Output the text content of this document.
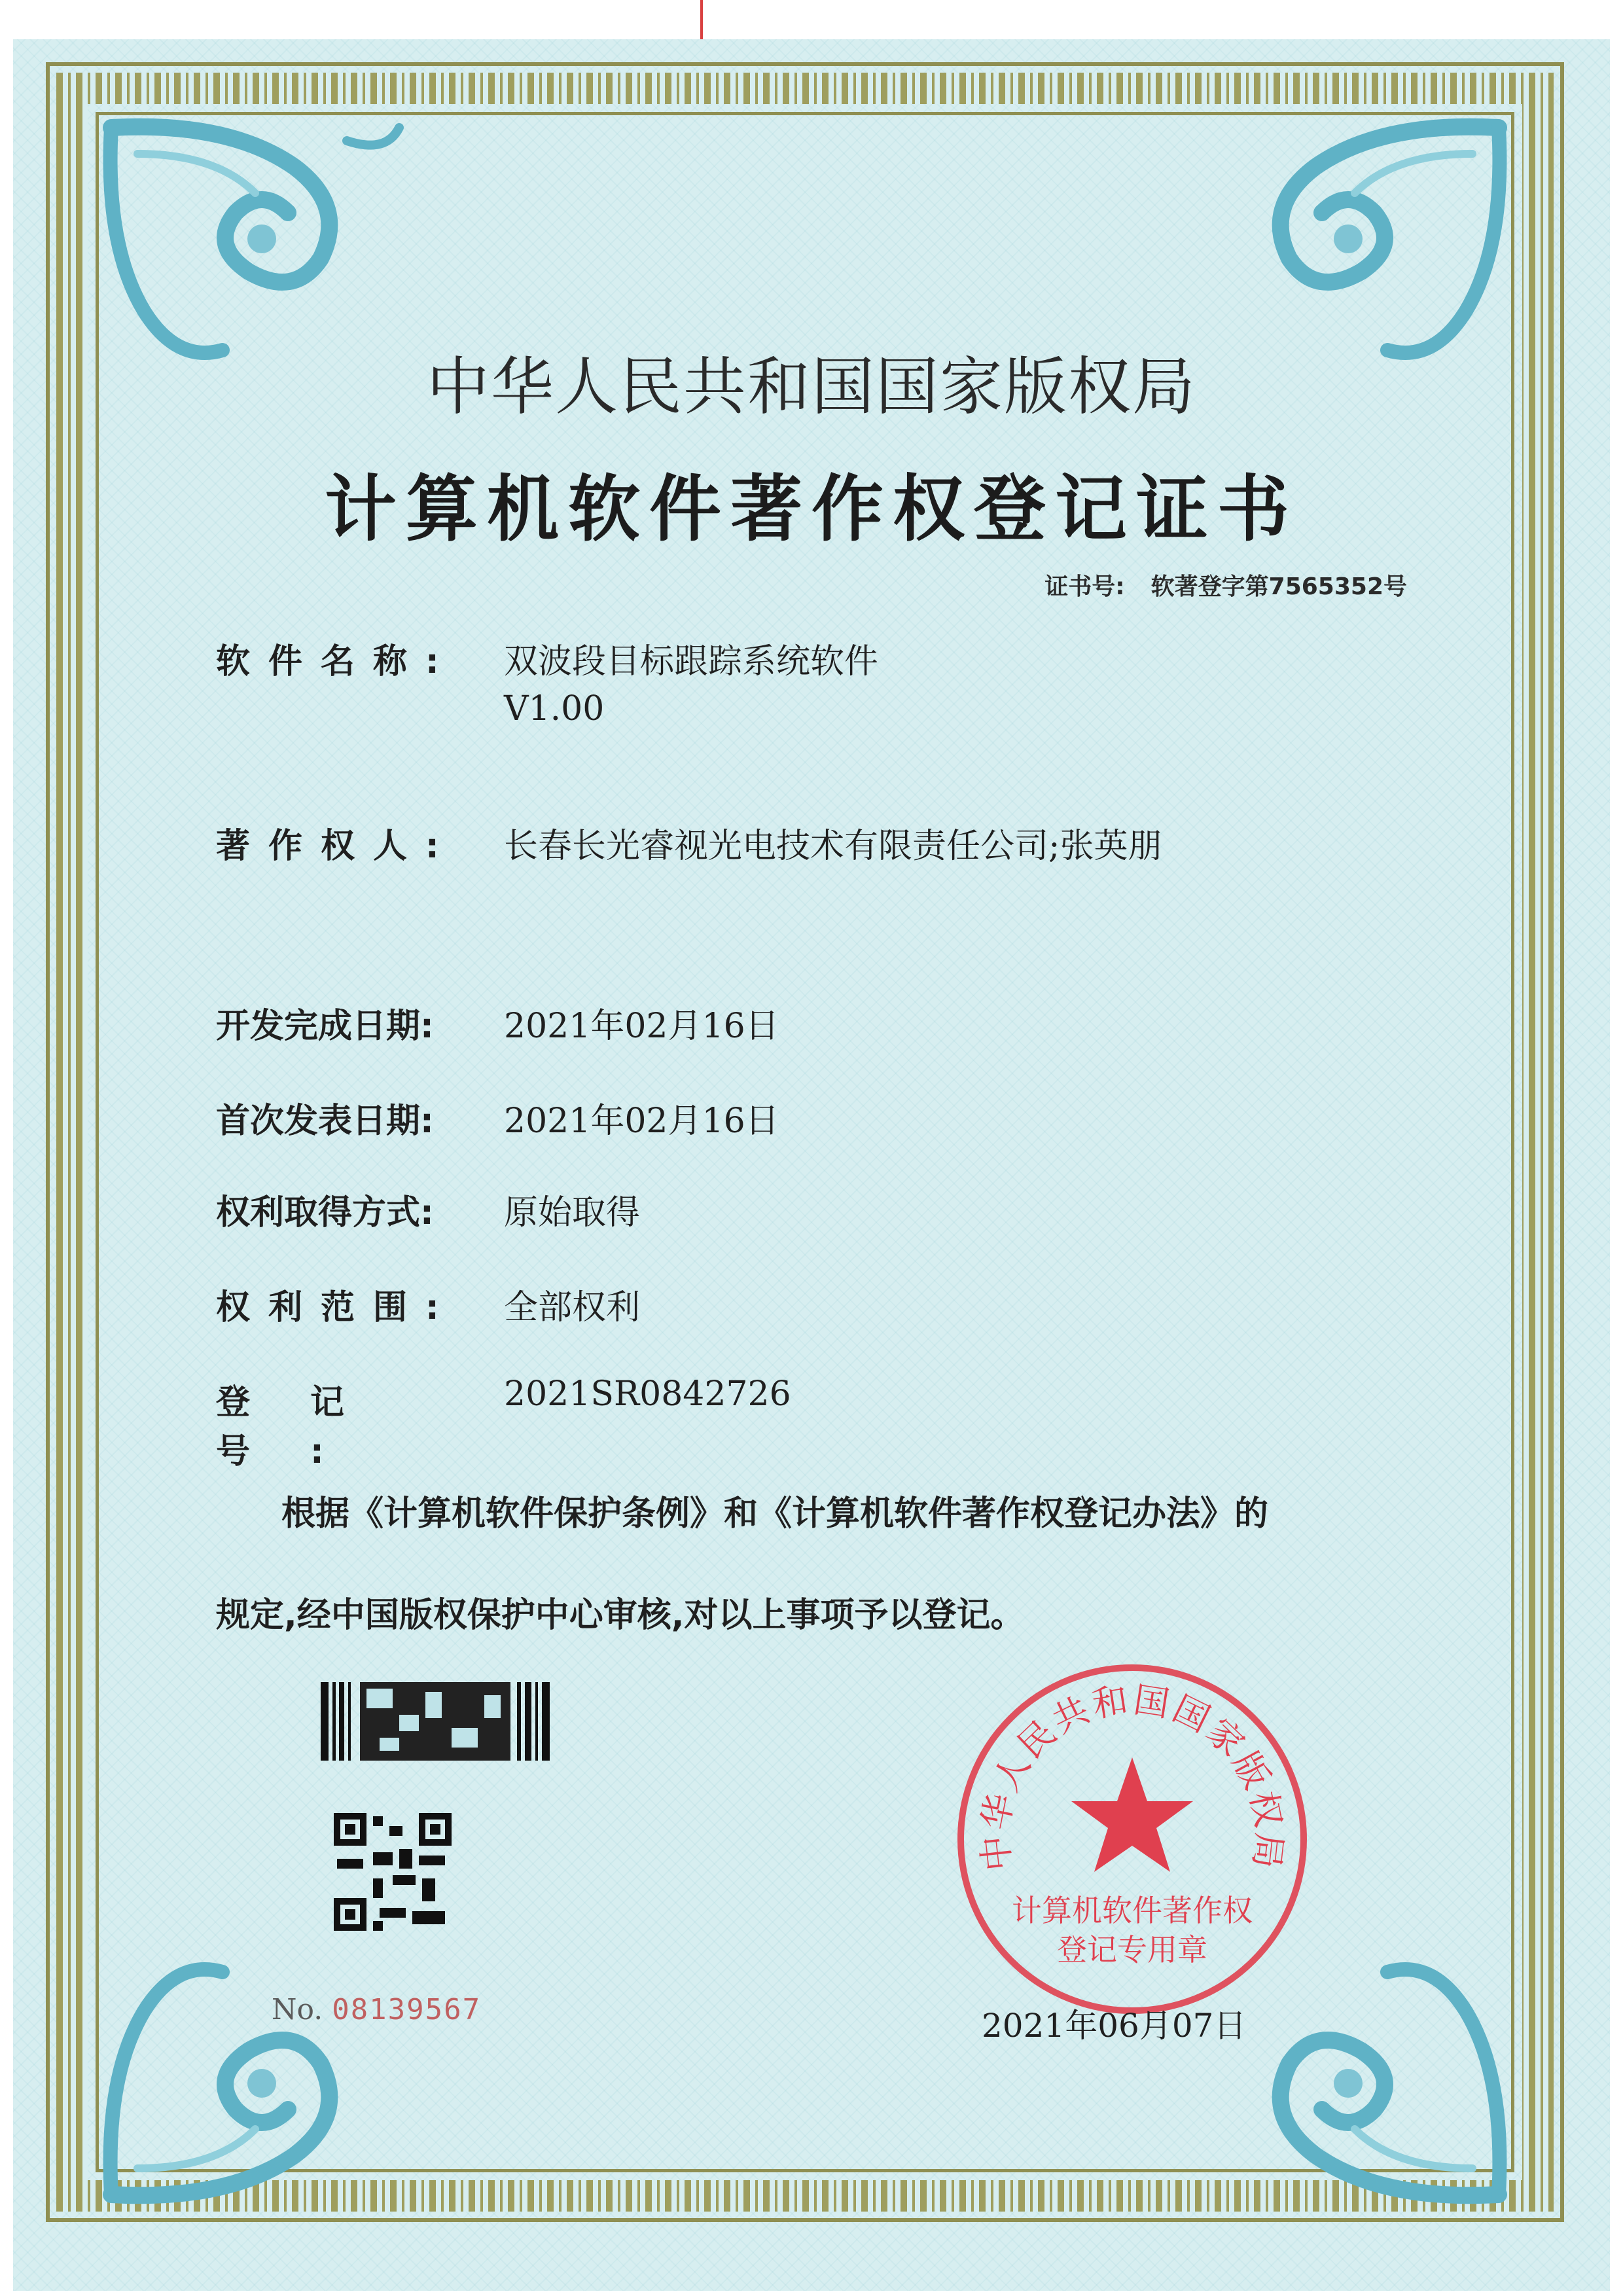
中华人民共和国国家版权局
计算机软件著作权登记证书
证书号: 软著登字第7565352号
软件名称: 双波段目标跟踪系统软件
V1.00
著作权人: 长春长光睿视光电技术有限责任公司;张英朋
开发完成日期: 2021年02月16日
首次发表日期: 2021年02月16日
权利取得方式: 原始取得
权利范围: 全部权利
登记号:2021SR0842726
根据《计算机软件保护条例》和《计算机软件著作权登记办法》的
规定,经中国版权保护中心审核,对以上事项予以登记。
No. 08139567
中华人民共和国国家版权局
计算机软件著作权
登记专用章
2021年06月07日
